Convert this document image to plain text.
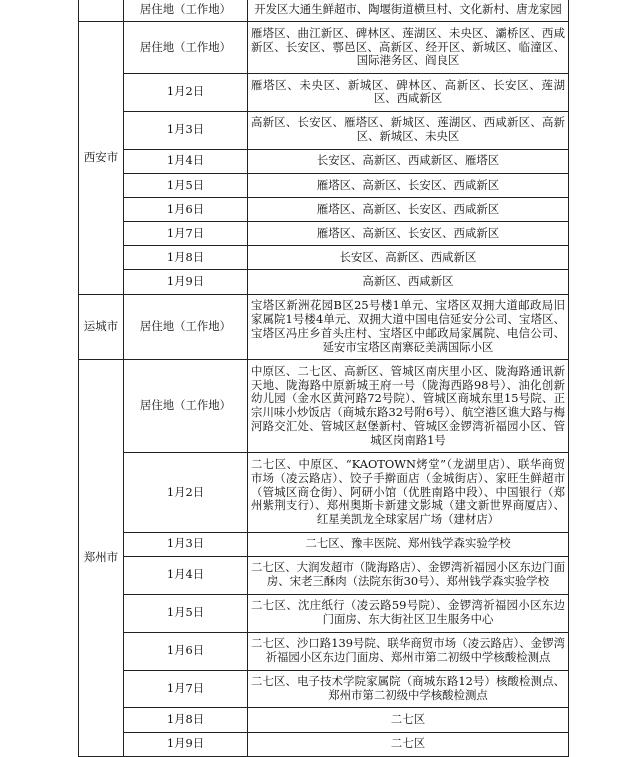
	居住地（工作地）	开发区大通生鲜超市、陶堰街道横旦村、文化新村、唐龙家园
西安市	居住地（工作地）	雁塔区、曲江新区、碑林区、莲湖区、未央区、灞桥区、西咸新区、长安区、鄠邑区、高新区、经开区、新城区、临潼区、国际港务区、阎良区
	1月2日	雁塔区、未央区、新城区、碑林区、高新区、长安区、莲湖区、西咸新区
	1月3日	高新区、长安区、雁塔区、新城区、莲湖区、西咸新区、高新区、新城区、未央区
	1月4日	长安区、高新区、西咸新区、雁塔区
	1月5日	雁塔区、高新区、长安区、西咸新区
	1月6日	雁塔区、高新区、长安区、西咸新区
	1月7日	雁塔区、高新区、长安区、西咸新区
	1月8日	长安区、高新区、西咸新区
	1月9日	高新区、西咸新区
运城市	居住地（工作地）	宝塔区新洲花园B区25号楼1单元、宝塔区双拥大道邮政局旧家属院1号楼4单元、双拥大道中国电信延安分公司、宝塔区、宝塔区冯庄乡首头庄村、宝塔区中邮政局家属院、电信公司、延安市宝塔区南寨砭美满国际小区
郑州市	居住地（工作地）	中原区、二七区、高新区、管城区南庆里小区、陇海路通讯新天地、陇海路中原新城王府一号（陇海西路98号）、油化创新幼儿园（金水区黄河路72号院）、管城区商城东里15号院、正宗川味小炒饭店（商城东路32号附6号）、航空港区谯大路与梅河路交汇处、管城区赵堡新村、管城区金锣湾祈福园小区、管城区岗南路1号
	1月2日	二七区、中原区、“KAOTOWN烤堂”（龙湖里店）、联华商贸市场（凌云路店）、饺子手擀面店（金城街店）、家旺生鲜超市（管城区商仓街）、阿研小馆（优胜南路中段）、中国银行（郑州紫荆支行）、郑州奥斯卡新建文影城（建文新世界商厦店）、红星美凯龙全球家居广场（建材店）
	1月3日	二七区、豫丰医院、郑州钱学森实验学校
	1月4日	二七区、大润发超市（陇海路店）、金锣湾祈福园小区东边门面房、宋老三酥肉（法院东街30号）、郑州钱学森实验学校
	1月5日	二七区、沈庄纸行（凌云路59号院）、金锣湾祈福园小区东边门面房、东大街社区卫生服务中心
	1月6日	二七区、沙口路139号院、联华商贸市场（凌云路店）、金锣湾祈福园小区东边门面房、郑州市第二初级中学核酸检测点
	1月7日	二七区、电子技术学院家属院（商城东路12号）核酸检测点、郑州市第二初级中学核酸检测点
	1月8日	二七区
	1月9日	二七区
